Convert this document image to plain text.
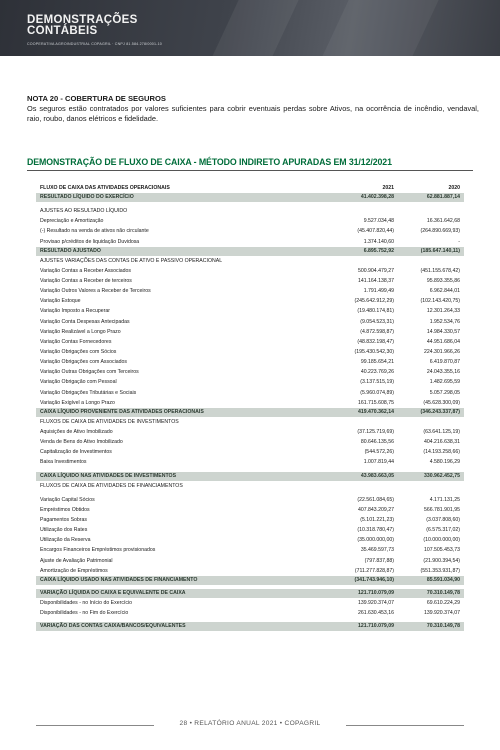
DEMONSTRAÇÕES
CONTÁBEIS
COOPERATIVA AGROINDUSTRIAL COPAGRIL · CNPJ 81.584.278/0001-10
NOTA 20 - COBERTURA DE SEGUROS
Os seguros estão contratados por valores suficientes para cobrir eventuais perdas sobre Ativos, na ocorrência de incêndio, vendaval, raio, roubo, danos elétricos e fidelidade.
DEMONSTRAÇÃO DE FLUXO DE CAIXA - MÉTODO INDIRETO APURADAS EM 31/12/2021
FLUXO DE CAIXA DAS ATIVIDADES OPERACIONAIS	2021	2020
RESULTADO LÍQUIDO DO EXERCÍCIO	41.402.398,28	62.881.887,14
AJUSTES AO RESULTADO LÍQUIDO
Depreciação e Amortização	9.527.034,48	16.361.642,68
(-) Resultado na venda de ativos não circulante	(45.407.820,44)	(264.890.669,93)
Provisao p/créditos de liquidação Duvidosa	1.374.140,60	-
RESULTADO AJUSTADO	6.895.752,92	(185.647.140,11)
AJUSTES VARIAÇÕES DAS CONTAS DE ATIVO E PASSIVO OPERACIONAL
Variação Contas a Receber Associados	500.904.479,27	(451.155.678,42)
Variação Contas a Receber de terceiros	141.164.138,37	95.893.355,86
Variação Outros Valores a Receber de Terceiros	1.791.499,49	6.962.844,01
Variação Estoque	(245.642.912,29)	(102.143.420,75)
Variação Imposto a Recuperar	(19.480.174,81)	12.301.264,33
Variação Conta Despesas Antecipadas	(9.054.523,31)	1.952.534,76
Variação Realizável a Longo Prazo	(4.872.598,87)	14.984.330,57
Variação Contas Fornecedores	(48.832.198,47)	44.951.686,04
Variação Obrigações com Sócios	(195.430.542,30)	224.301.966,26
Variação Obrigações com Associados	99.185.654,21	6.419.870,87
Variação Outras Obrigações com Terceiros	40.223.769,26	24.043.355,16
Variação Obrigação com Pessoal	(3.137.515,19)	1.482.695,59
Variação Obrigações Tributárias e Sociais	(5.960.074,89)	5.057.298,05
Variação Exigível a Longo Prazo	161.715.608,75	(45.628.300,09)
CAIXA LÍQUIDO PROVENIENTE DAS ATIVIDADES OPERACIONAIS	419.470.362,14	(346.243.337,87)
FLUXOS DE CAIXA DE ATIVIDADES DE INVESTIMENTOS
Aquisições de Ativo Imobilizado	(37.125.719,69)	(63.641.125,19)
Venda de Bens do Ativo Imobilizado	80.646.135,56	404.216.638,31
Capitalização de Investimentos	(544.572,26)	(14.193.258,66)
Baixa Investimentos	1.007.819,44	4.580.196,29
CAIXA LÍQUIDO NAS ATIVIDADES DE INVESTIMENTOS	43.983.663,05	330.962.452,75
FLUXOS DE CAIXA DE ATIVIDADES DE FINANCIAMENTOS
Variação Capital Sócios	(22.561.084,65)	4.171.131,25
Empréstimos Obtidos	407.843.209,27	566.781.901,95
Pagamentos Sobras	(5.101.221,23)	(3.037.808,60)
Utilização dos Rates	(10.318.780,47)	(6.575.317,02)
Utilização da Reserva	(35.000.000,00)	(10.000.000,00)
Encargos Financeiros Empréstimos provisionados	35.469.597,73	107.505.453,73
Ajuste de Avaliação Patrimonial	(797.837,88)	(21.900.394,54)
Amortização de Empréstimos	(711.277.828,87)	(551.353.931,87)
CAIXA LÍQUIDO USADO NAS ATIVIDADES DE FINANCIAMENTO	(341.743.946,10)	85.591.034,90
VARIAÇÃO LÍQUIDA DO CAIXA E EQUIVALENTE DE CAIXA	121.710.079,09	70.310.149,78
Disponibilidades - no Início do Exercício	139.920.374,07	69.610.224,29
Disponibilidades - no Fim do Exercício	261.630.453,16	139.920.374,07
VARIAÇÃO DAS CONTAS CAIXA/BANCOS/EQUIVALENTES	121.710.079,09	70.310.149,78
28 • RELATÓRIO ANUAL 2021 • COPAGRIL
